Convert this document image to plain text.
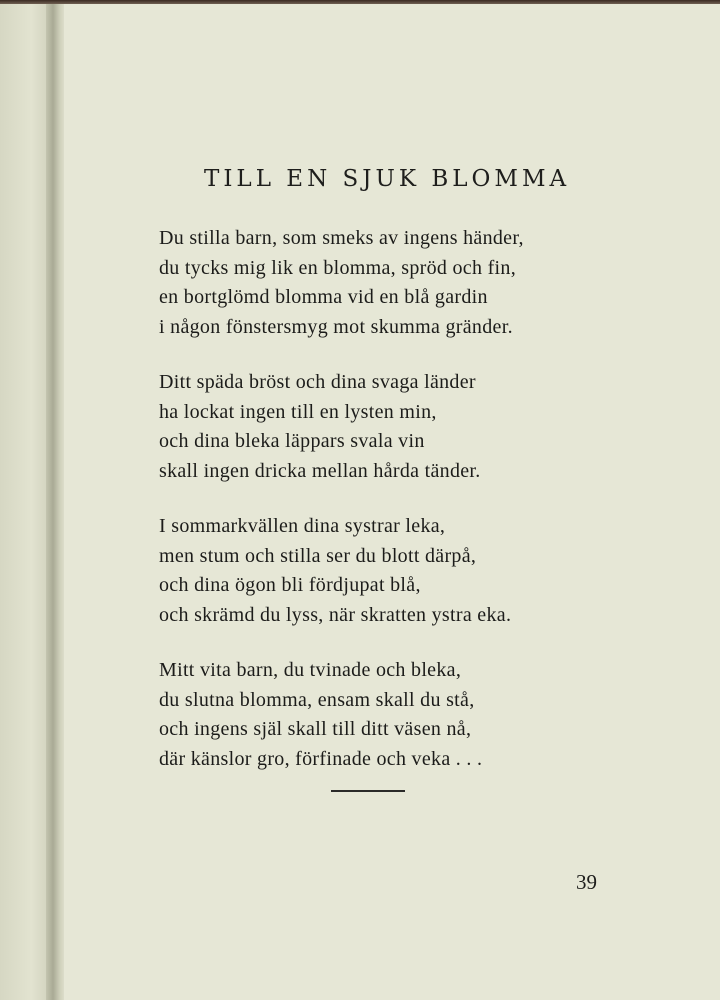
TILL EN SJUK BLOMMA
Du stilla barn, som smeks av ingens händer,
du tycks mig lik en blomma, spröd och fin,
en bortglömd blomma vid en blå gardin
i någon fönstersmyg mot skumma gränder.
Ditt späda bröst och dina svaga länder
ha lockat ingen till en lysten min,
och dina bleka läppars svala vin
skall ingen dricka mellan hårda tänder.
I sommarkvällen dina systrar leka,
men stum och stilla ser du blott därpå,
och dina ögon bli fördjupat blå,
och skrämd du lyss, när skratten ystra eka.
Mitt vita barn, du tvinade och bleka,
du slutna blomma, ensam skall du stå,
och ingens själ skall till ditt väsen nå,
där känslor gro, förfinade och veka . . .
39
